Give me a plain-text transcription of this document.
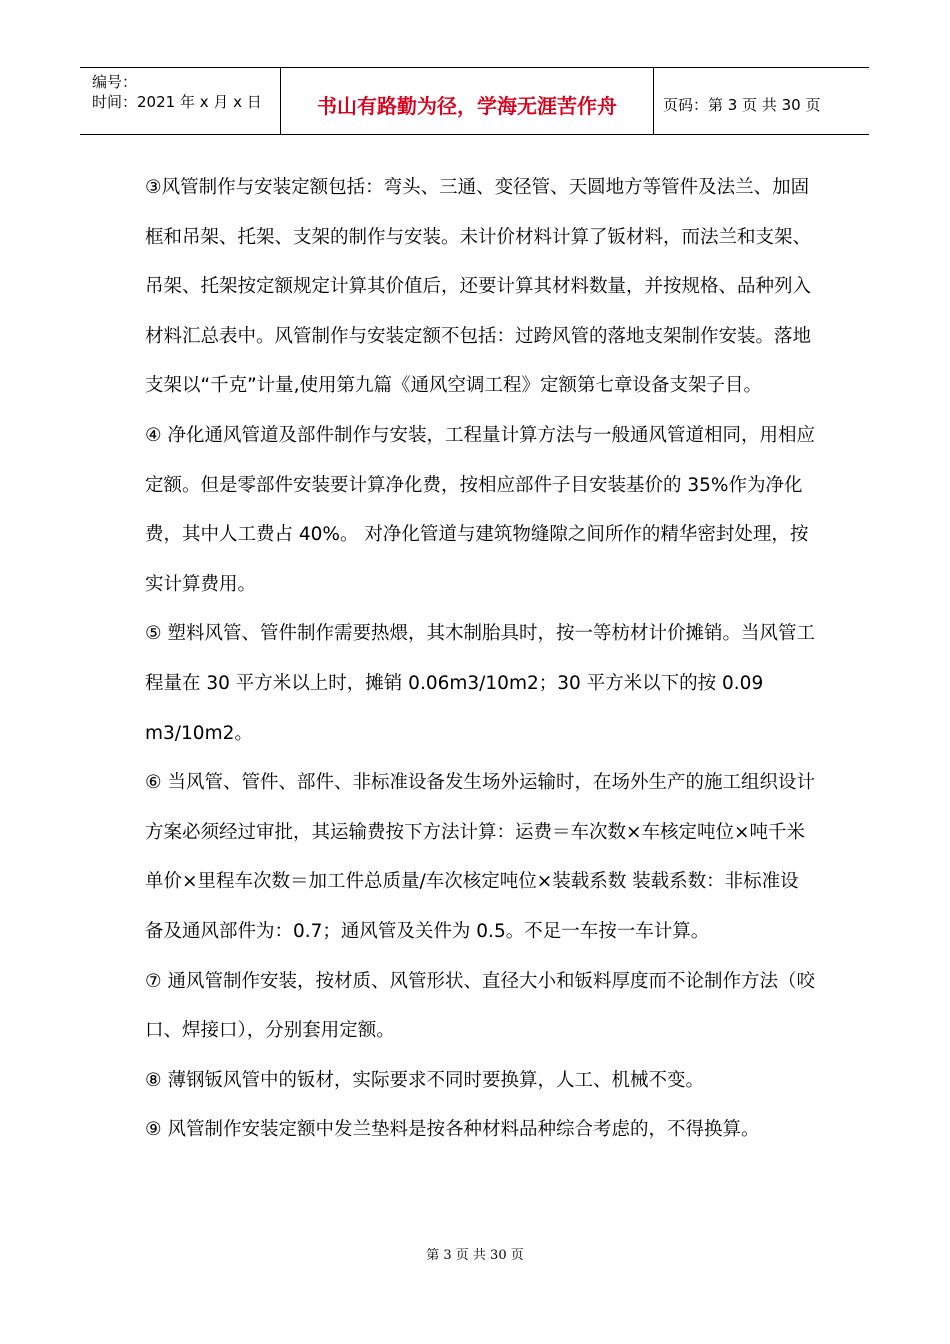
编号：
时间：2021 年 x 月 x 日	书山有路勤为径，学海无涯苦作舟	页码：第 3 页 共 30 页

③风管制作与安装定额包括：弯头、三通、变径管、天圆地方等管件及法兰、加固框和吊架、托架、支架的制作与安装。未计价材料计算了钣材料，而法兰和支架、吊架、托架按定额规定计算其价值后，还要计算其材料数量，并按规格、品种列入材料汇总表中。风管制作与安装定额不包括：过跨风管的落地支架制作安装。落地支架以“千克”计量,使用第九篇《通风空调工程》定额第七章设备支架子目。

④ 净化通风管道及部件制作与安装，工程量计算方法与一般通风管道相同，用相应定额。但是零部件安装要计算净化费，按相应部件子目安装基价的 35%作为净化费，其中人工费占 40%。 对净化管道与建筑物缝隙之间所作的精华密封处理，按实计算费用。

⑤ 塑料风管、管件制作需要热煨，其木制胎具时，按一等枋材计价摊销。当风管工程量在 30 平方米以上时，摊销 0.06m3/10m2；30 平方米以下的按 0.09 m3/10m2。

⑥ 当风管、管件、部件、非标准设备发生场外运输时，在场外生产的施工组织设计方案必须经过审批，其运输费按下方法计算：运费＝车次数×车核定吨位×吨千米单价×里程车次数＝加工件总质量/车次核定吨位×装载系数 装载系数：非标准设备及通风部件为：0.7；通风管及关件为 0.5。不足一车按一车计算。

⑦ 通风管制作安装，按材质、风管形状、直径大小和钣料厚度而不论制作方法（咬口、焊接口），分别套用定额。

⑧ 薄钢钣风管中的钣材，实际要求不同时要换算，人工、机械不变。

⑨ 风管制作安装定额中发兰垫料是按各种材料品种综合考虑的，不得换算。

第 3 页 共 30 页
